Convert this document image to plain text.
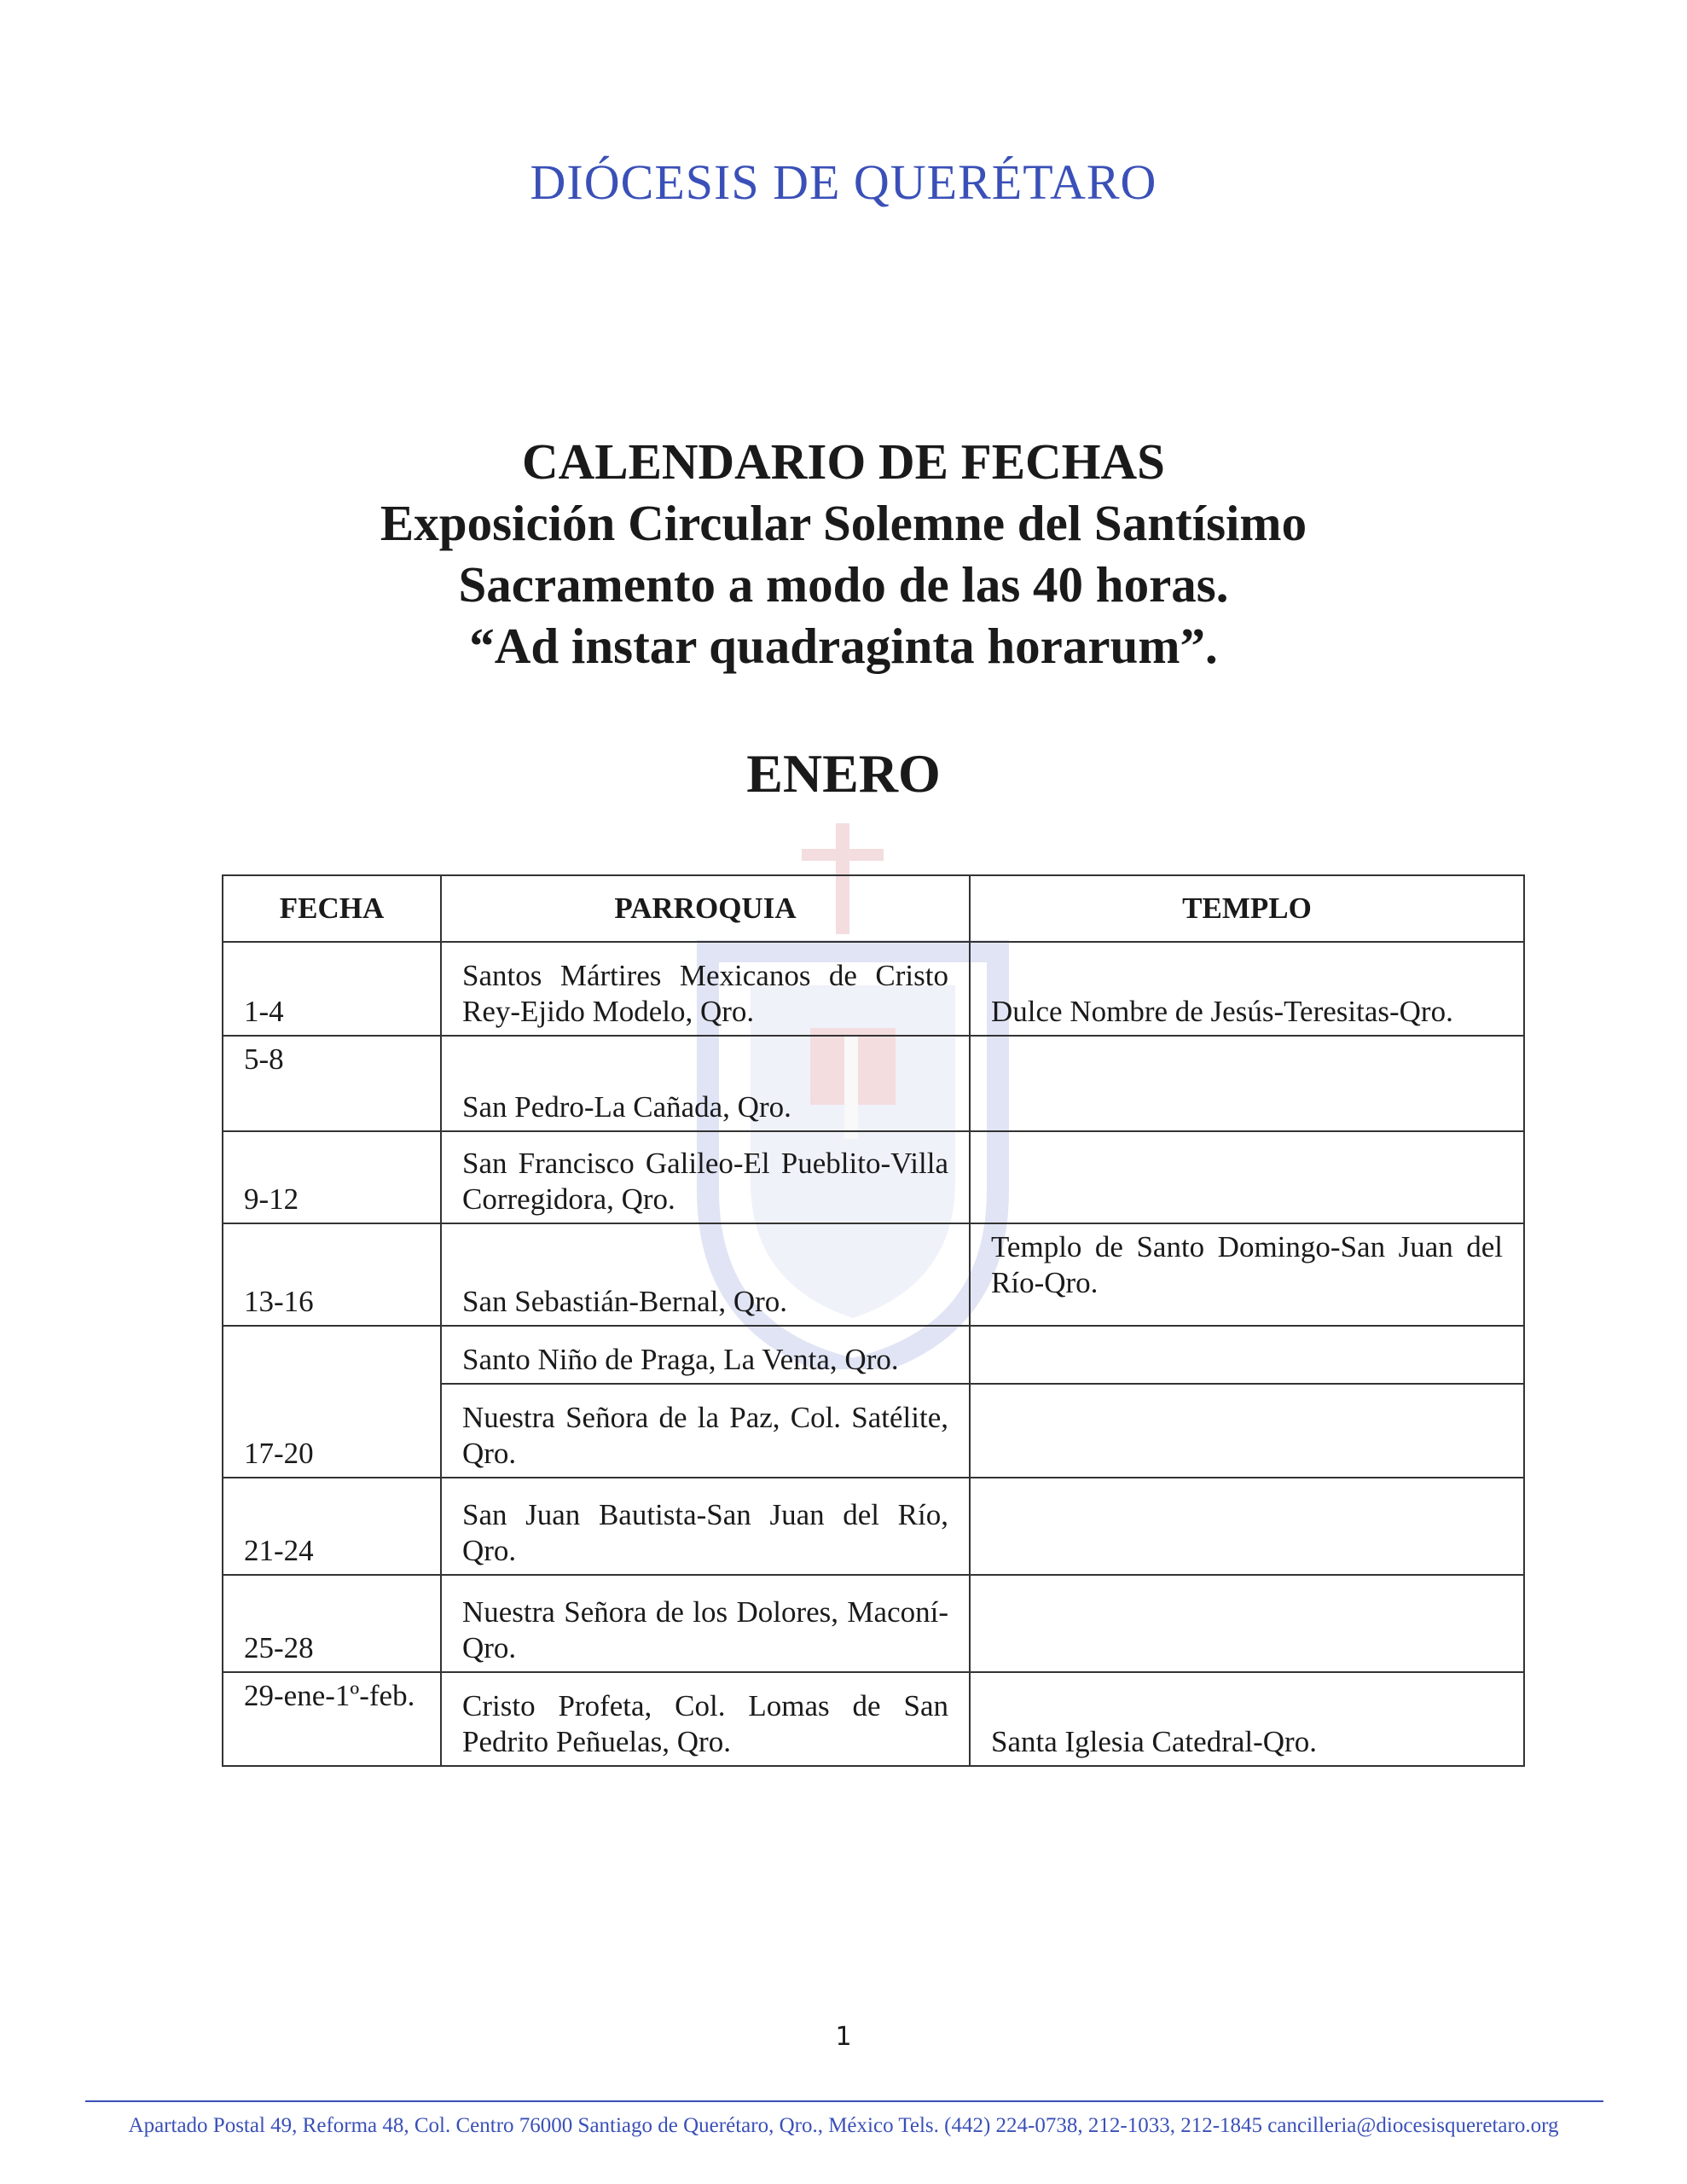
DIÓCESIS DE QUERÉTARO
CALENDARIO DE FECHAS
Exposición Circular Solemne del Santísimo
Sacramento a modo de las 40 horas.
“Ad instar quadraginta horarum”.
ENERO
FECHA	PARROQUIA	TEMPLO
1-4	Santos Mártires Mexicanos de Cristo Rey-Ejido Modelo, Qro.	Dulce Nombre de Jesús-Teresitas-Qro.
5-8	San Pedro-La Cañada, Qro.	
9-12	San Francisco Galileo-El Pueblito-Villa Corregidora, Qro.	
13-16	San Sebastián-Bernal, Qro.	Templo de Santo Domingo-San Juan del Río-Qro.
17-20	Santo Niño de Praga, La Venta, Qro.	
	Nuestra Señora de la Paz, Col. Satélite, Qro.	
21-24	San Juan Bautista-San Juan del Río, Qro.	
25-28	Nuestra Señora de los Dolores, Maconí-Qro.	
29-ene-1º-feb.	Cristo Profeta, Col. Lomas de San Pedrito Peñuelas, Qro.	Santa Iglesia Catedral-Qro.
1
Apartado Postal 49, Reforma 48, Col. Centro 76000 Santiago de Querétaro, Qro., México Tels. (442) 224-0738, 212-1033, 212-1845 cancilleria@diocesisqueretaro.org
